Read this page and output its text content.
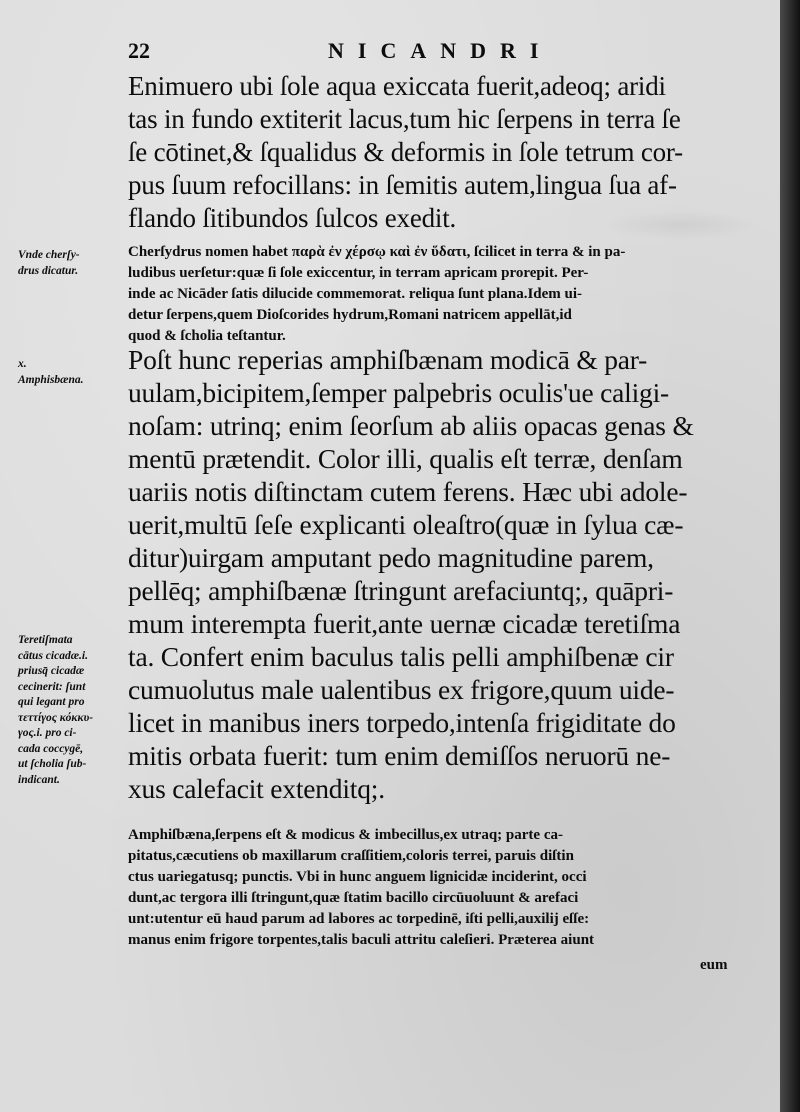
22	NICANDRI
Enimuero ubi ſole aqua exiccata fuerit,adeoq; aridi
tas in fundo extiterit lacus,tum hic ſerpens in terra ſe
ſe cōtinet,& ſqualidus & deformis in ſole tetrum cor-
pus ſuum refocillans: in ſemitis autem,lingua ſua af-
flando ſitibundos ſulcos exedit.
Vnde cherſy-
drus dicatur.
Cherſydrus nomen habet παρὰ ἐν χέρσῳ καὶ ἐν ὕδατι, ſcilicet in terra & in pa-
ludibus uerſetur:quæ ſi ſole exiccentur, in terram apricam prorepit. Per-
inde ac Nicāder ſatis dilucide commemorat. reliqua ſunt plana.Idem ui-
detur ſerpens,quem Dioſcorides hydrum,Romani natricem appellāt,id
quod & ſcholia teſtantur.
x.
Amphisbæna.
Poſt hunc reperias amphiſbænam modicā & par-
uulam,bicipitem,ſemper palpebris oculis'ue caligi-
noſam: utrinq; enim ſeorſum ab aliis opacas genas &
mentū prætendit. Color illi, qualis eſt terræ, denſam
uariis notis diſtinctam cutem ferens. Hæc ubi adole-
uerit,multū ſeſe explicanti oleaſtro(quæ in ſylua cæ-
ditur)uirgam amputant pedo magnitudine parem,
pellēq; amphiſbænæ ſtringunt arefaciuntq;, quāpri-
mum interempta fuerit,ante uernæ cicadæ teretiſma
ta. Confert enim baculus talis pelli amphiſbenæ cir
cumuolutus male ualentibus ex frigore,quum uide-
licet in manibus iners torpedo,intenſa frigiditate do
mitis orbata fuerit: tum enim demiſſos neruorū ne-
xus calefacit extenditq;.
Teretiſmata
cātus cicadæ.i.
priusq̄ cicadæ
cecinerit: ſunt
qui legant pro
τεττίγος κόκκυ-
γος.i. pro ci-
cada coccygē,
ut ſcholia ſub-
indicant.
Amphiſbæna,ſerpens eſt & modicus & imbecillus,ex utraq; parte ca-
pitatus,cæcutiens ob maxillarum craſſitiem,coloris terrei, paruis diſtin
ctus uariegatusq; punctis. Vbi in hunc anguem lignicidæ inciderint, occi
dunt,ac tergora illi ſtringunt,quæ ſtatim bacillo circūuoluunt & arefaci
unt:utentur eū haud parum ad labores ac torpedinē, iſti pelli,auxilij eſſe:
manus enim frigore torpentes,talis baculi attritu caleſieri. Præterea aiunt
eum
